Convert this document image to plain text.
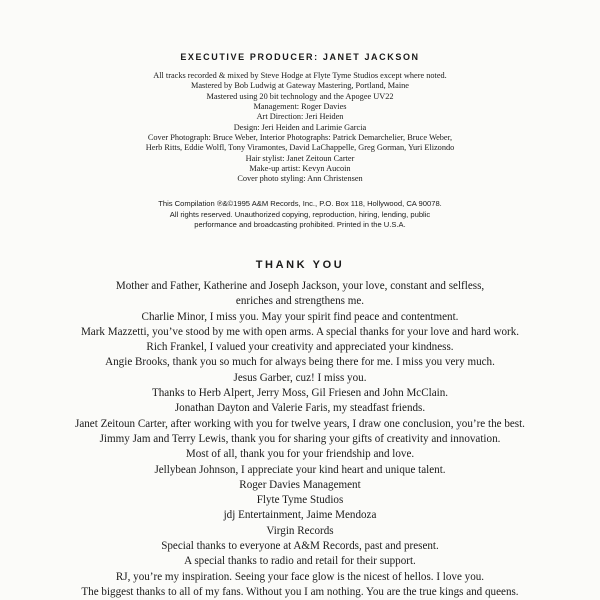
EXECUTIVE PRODUCER: JANET JACKSON
All tracks recorded & mixed by Steve Hodge at Flyte Tyme Studios except where noted.
Mastered by Bob Ludwig at Gateway Mastering, Portland, Maine
Mastered using 20 bit technology and the Apogee UV22
Management: Roger Davies
Art Direction: Jeri Heiden
Design: Jeri Heiden and Larimie Garcia
Cover Photograph: Bruce Weber, Interior Photographs: Patrick Demarchelier, Bruce Weber,
Herb Ritts, Eddie Wolfl, Tony Viramontes, David LaChappelle, Greg Gorman, Yuri Elizondo
Hair stylist: Janet Zeitoun Carter
Make-up artist: Kevyn Aucoin
Cover photo styling: Ann Christensen
This Compilation ℗&©1995 A&M Records, Inc., P.O. Box 118, Hollywood, CA 90078.
All rights reserved. Unauthorized copying, reproduction, hiring, lending, public
performance and broadcasting prohibited. Printed in the U.S.A.
THANK YOU
Mother and Father, Katherine and Joseph Jackson, your love, constant and selfless,
enriches and strengthens me.
Charlie Minor, I miss you. May your spirit find peace and contentment.
Mark Mazzetti, you’ve stood by me with open arms. A special thanks for your love and hard work.
Rich Frankel, I valued your creativity and appreciated your kindness.
Angie Brooks, thank you so much for always being there for me. I miss you very much.
Jesus Garber, cuz! I miss you.
Thanks to Herb Alpert, Jerry Moss, Gil Friesen and John McClain.
Jonathan Dayton and Valerie Faris, my steadfast friends.
Janet Zeitoun Carter, after working with you for twelve years, I draw one conclusion, you’re the best.
Jimmy Jam and Terry Lewis, thank you for sharing your gifts of creativity and innovation.
Most of all, thank you for your friendship and love.
Jellybean Johnson, I appreciate your kind heart and unique talent.
Roger Davies Management
Flyte Tyme Studios
jdj Entertainment, Jaime Mendoza
Virgin Records
Special thanks to everyone at A&M Records, past and present.
A special thanks to radio and retail for their support.
RJ, you’re my inspiration. Seeing your face glow is the nicest of hellos. I love you.
The biggest thanks to all of my fans. Without you I am nothing. You are the true kings and queens.
